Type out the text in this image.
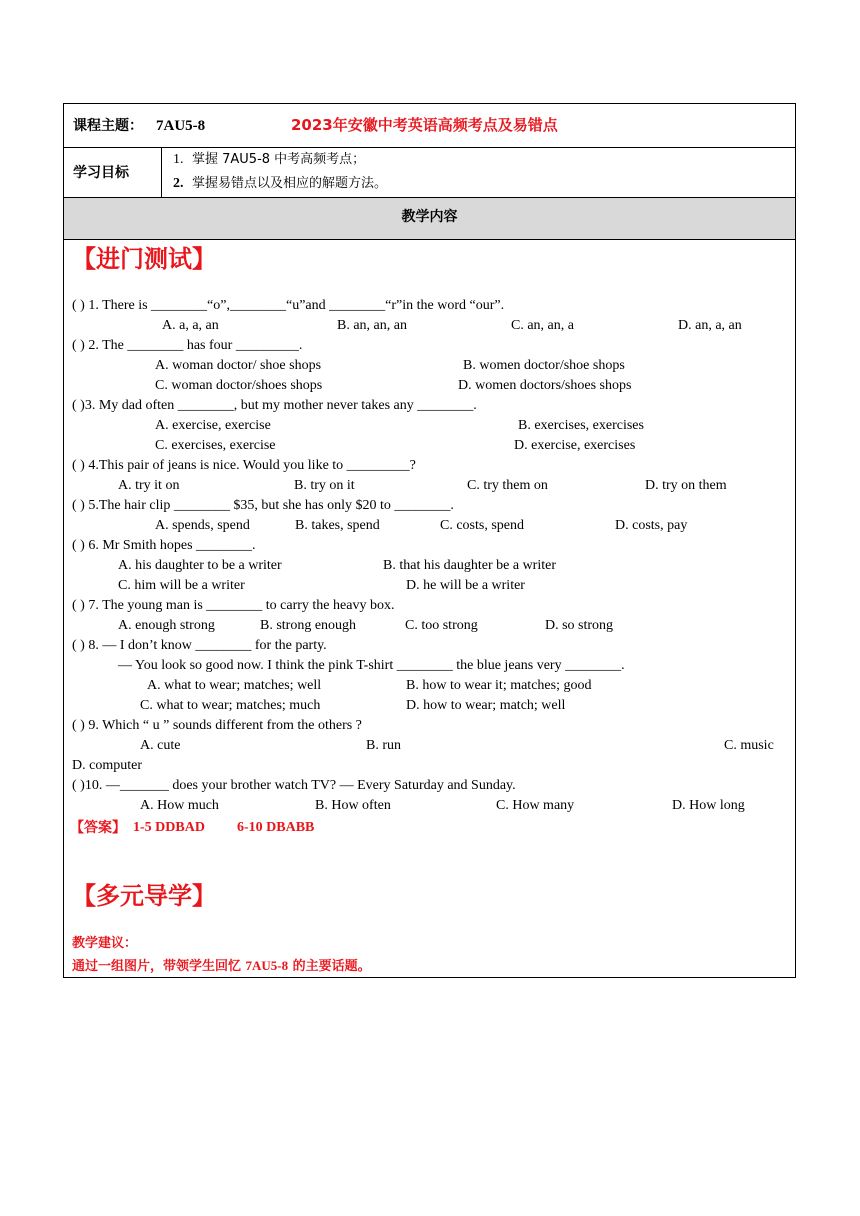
课程主题： 7AU5-8	2023年安徽中考英语高频考点及易错点
学习目标
1. 掌握 7AU5-8 中考高频考点；
2. 掌握易错点以及相应的解题方法。
教学内容
【进门测试】
( ) 1. There is ________“o”,________“u”and ________“r”in the word “our”.
A. a, a, an	B. an, an, an	C. an, an, a	D. an, a, an
( ) 2. The ________ has four _________.
A. woman doctor/ shoe shops	B. women doctor/shoe shops
C. woman doctor/shoes shops	D. women doctors/shoes shops
( )3. My dad often ________, but my mother never takes any ________.
A. exercise, exercise	B. exercises, exercises
C. exercises, exercise	D. exercise, exercises
( ) 4.This pair of jeans is nice. Would you like to _________?
A. try it on	B. try on it	C. try them on	D. try on them
( ) 5.The hair clip ________ $35, but she has only $20 to ________.
A. spends, spend	B. takes, spend	C. costs, spend	D. costs, pay
( ) 6. Mr Smith hopes ________.
A. his daughter to be a writer	B. that his daughter be a writer
C. him will be a writer	D. he will be a writer
( ) 7. The young man is ________ to carry the heavy box.
A. enough strong	B. strong enough	C. too strong	D. so strong
( ) 8. — I don’t know ________ for the party.
— You look so good now. I think the pink T-shirt ________ the blue jeans very ________.
A. what to wear; matches; well	B. how to wear it; matches; good
C. what to wear; matches; much	D. how to wear; match; well
( ) 9. Which “ u ” sounds different from the others ?
A. cute	B. run	C. music
D. computer
( )10. —_______ does your brother watch TV? — Every Saturday and Sunday.
A. How much	B. How often	C. How many	D. How long
【答案】 1-5 DDBAD 6-10 DBABB
【多元导学】
教学建议：
通过一组图片，带领学生回忆 7AU5-8 的主要话题。
